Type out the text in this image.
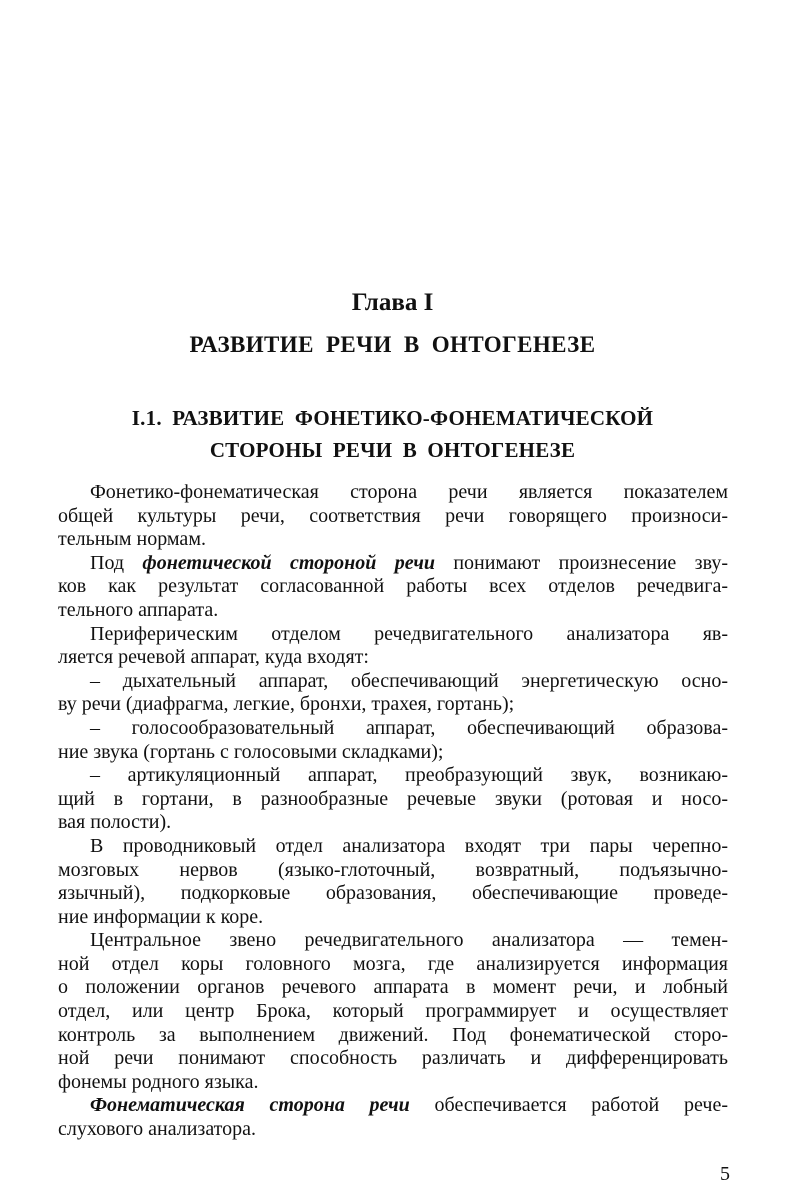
Глава I
РАЗВИТИЕ РЕЧИ В ОНТОГЕНЕЗЕ
I.1. РАЗВИТИЕ ФОНЕТИКО-ФОНЕМАТИЧЕСКОЙ
СТОРОНЫ РЕЧИ В ОНТОГЕНЕЗЕ
Фонетико-фонематическая сторона речи является показателем
общей культуры речи, соответствия речи говорящего произноси-
тельным нормам.
Под фонетической стороной речи понимают произнесение зву-
ков как результат согласованной работы всех отделов речедвига-
тельного аппарата.
Периферическим отделом речедвигательного анализатора яв-
ляется речевой аппарат, куда входят:
– дыхательный аппарат, обеспечивающий энергетическую осно-
ву речи (диафрагма, легкие, бронхи, трахея, гортань);
– голосообразовательный аппарат, обеспечивающий образова-
ние звука (гортань с голосовыми складками);
– артикуляционный аппарат, преобразующий звук, возникаю-
щий в гортани, в разнообразные речевые звуки (ротовая и носо-
вая полости).
В проводниковый отдел анализатора входят три пары черепно-
мозговых нервов (языко-глоточный, возвратный, подъязычно-
язычный), подкорковые образования, обеспечивающие проведе-
ние информации к коре.
Центральное звено речедвигательного анализатора — темен-
ной отдел коры головного мозга, где анализируется информация
о положении органов речевого аппарата в момент речи, и лобный
отдел, или центр Брока, который программирует и осуществляет
контроль за выполнением движений. Под фонематической сторо-
ной речи понимают способность различать и дифференцировать
фонемы родного языка.
Фонематическая сторона речи обеспечивается работой рече-
слухового анализатора.
5
